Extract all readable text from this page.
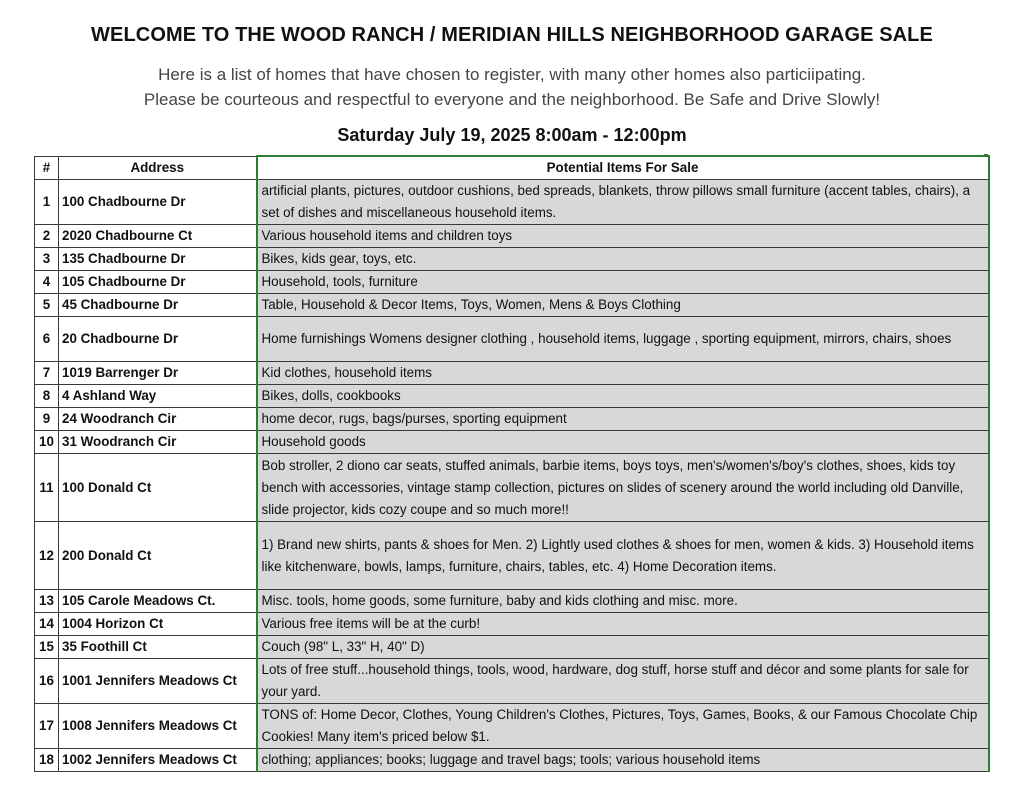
WELCOME TO THE WOOD RANCH / MERIDIAN HILLS NEIGHBORHOOD GARAGE SALE
Here is a list of homes that have chosen to register, with many other homes also particiipating.
Please be courteous and respectful to everyone and the neighborhood. Be Safe and Drive Slowly!
Saturday July 19, 2025 8:00am - 12:00pm
#	Address	Potential Items For Sale
1	100 Chadbourne Dr	artificial plants, pictures, outdoor cushions, bed spreads, blankets, throw pillows small furniture (accent tables, chairs), a set of dishes and miscellaneous household items.
2	2020 Chadbourne Ct	Various household items and children toys
3	135 Chadbourne Dr	Bikes, kids gear, toys, etc.
4	105 Chadbourne Dr	Household, tools, furniture
5	45 Chadbourne Dr	Table, Household & Decor Items, Toys, Women, Mens & Boys Clothing
6	20 Chadbourne Dr	Home furnishings Womens designer clothing , household items, luggage , sporting equipment, mirrors, chairs, shoes
7	1019 Barrenger Dr	Kid clothes, household items
8	4 Ashland Way	Bikes, dolls, cookbooks
9	24 Woodranch Cir	home decor, rugs, bags/purses, sporting equipment
10	31 Woodranch Cir	Household goods
11	100 Donald Ct	Bob stroller, 2 diono car seats, stuffed animals, barbie items, boys toys, men's/women's/boy's clothes, shoes, kids toy bench with accessories, vintage stamp collection, pictures on slides of scenery around the world including old Danville, slide projector, kids cozy coupe and so much more!!
12	200 Donald Ct	1) Brand new shirts, pants & shoes for Men. 2) Lightly used clothes & shoes for men, women & kids. 3) Household items like kitchenware, bowls, lamps, furniture, chairs, tables, etc. 4) Home Decoration items.
13	105 Carole Meadows Ct.	Misc. tools, home goods, some furniture, baby and kids clothing and misc. more.
14	1004 Horizon Ct	Various free items will be at the curb!
15	35 Foothill Ct	Couch (98" L, 33" H, 40" D)
16	1001 Jennifers Meadows Ct	Lots of free stuff...household things, tools, wood, hardware, dog stuff, horse stuff and décor and some plants for sale for your yard.
17	1008 Jennifers Meadows Ct	TONS of: Home Decor, Clothes, Young Children's Clothes, Pictures, Toys, Games, Books, & our Famous Chocolate Chip Cookies! Many item's priced below $1.
18	1002 Jennifers Meadows Ct	clothing; appliances; books; luggage and travel bags; tools; various household items
